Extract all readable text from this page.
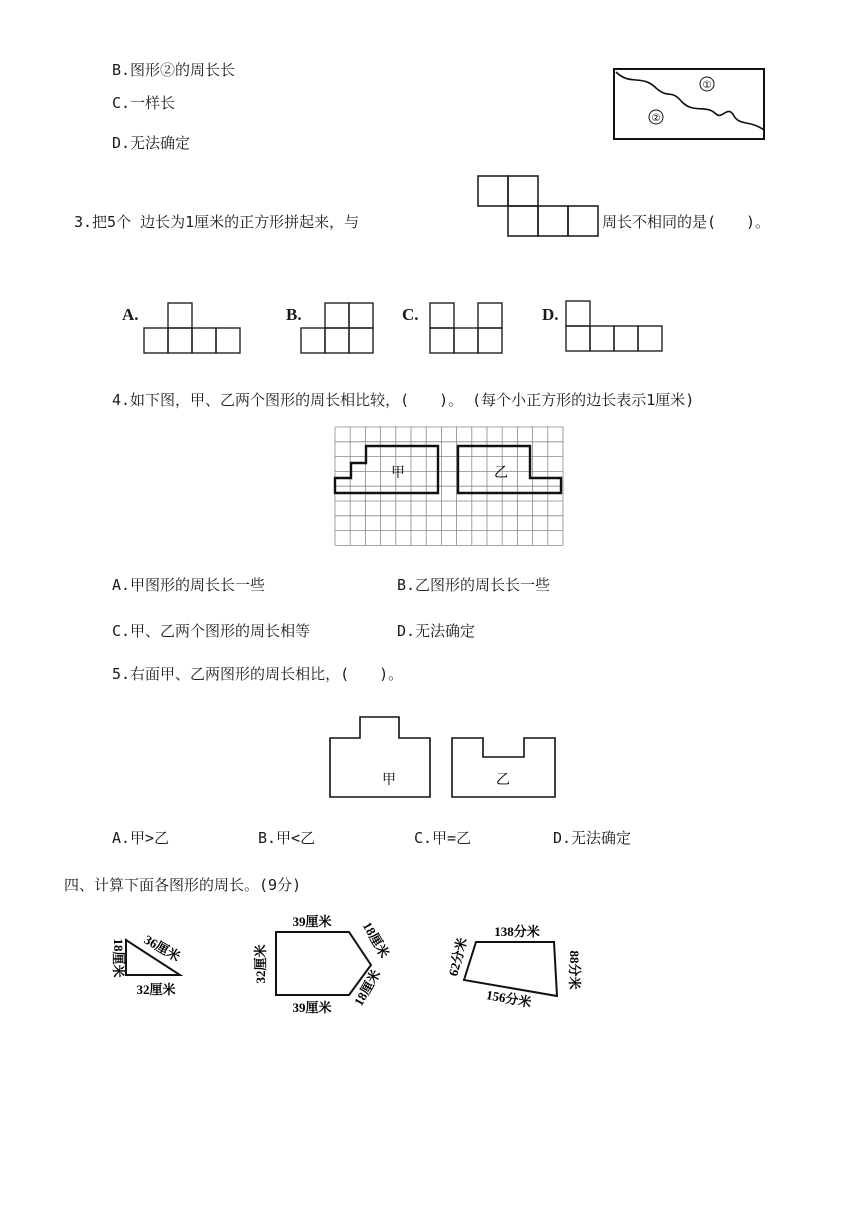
B.图形②的周长长
C.一样长
D.无法确定
①
②
3.把5个 边长为1厘米的正方形拼起来，与	周长不相同的是(　　)。
A.	B.	C.	D.
4.如下图，甲、乙两个图形的周长相比较，(　　)。 (每个小正方形的边长表示1厘米)
甲	乙
A.甲图形的周长长一些	B.乙图形的周长长一些
C.甲、乙两个图形的周长相等	D.无法确定
5.右面甲、乙两图形的周长相比，(　　)。
甲	乙
A.甲>乙	B.甲<乙	C.甲=乙	D.无法确定
四、计算下面各图形的周长。(9分)
18厘米 36厘米
32厘米
39厘米
32厘米
39厘米
18厘米
18厘米
138分米
62分米	88分米
156分米
